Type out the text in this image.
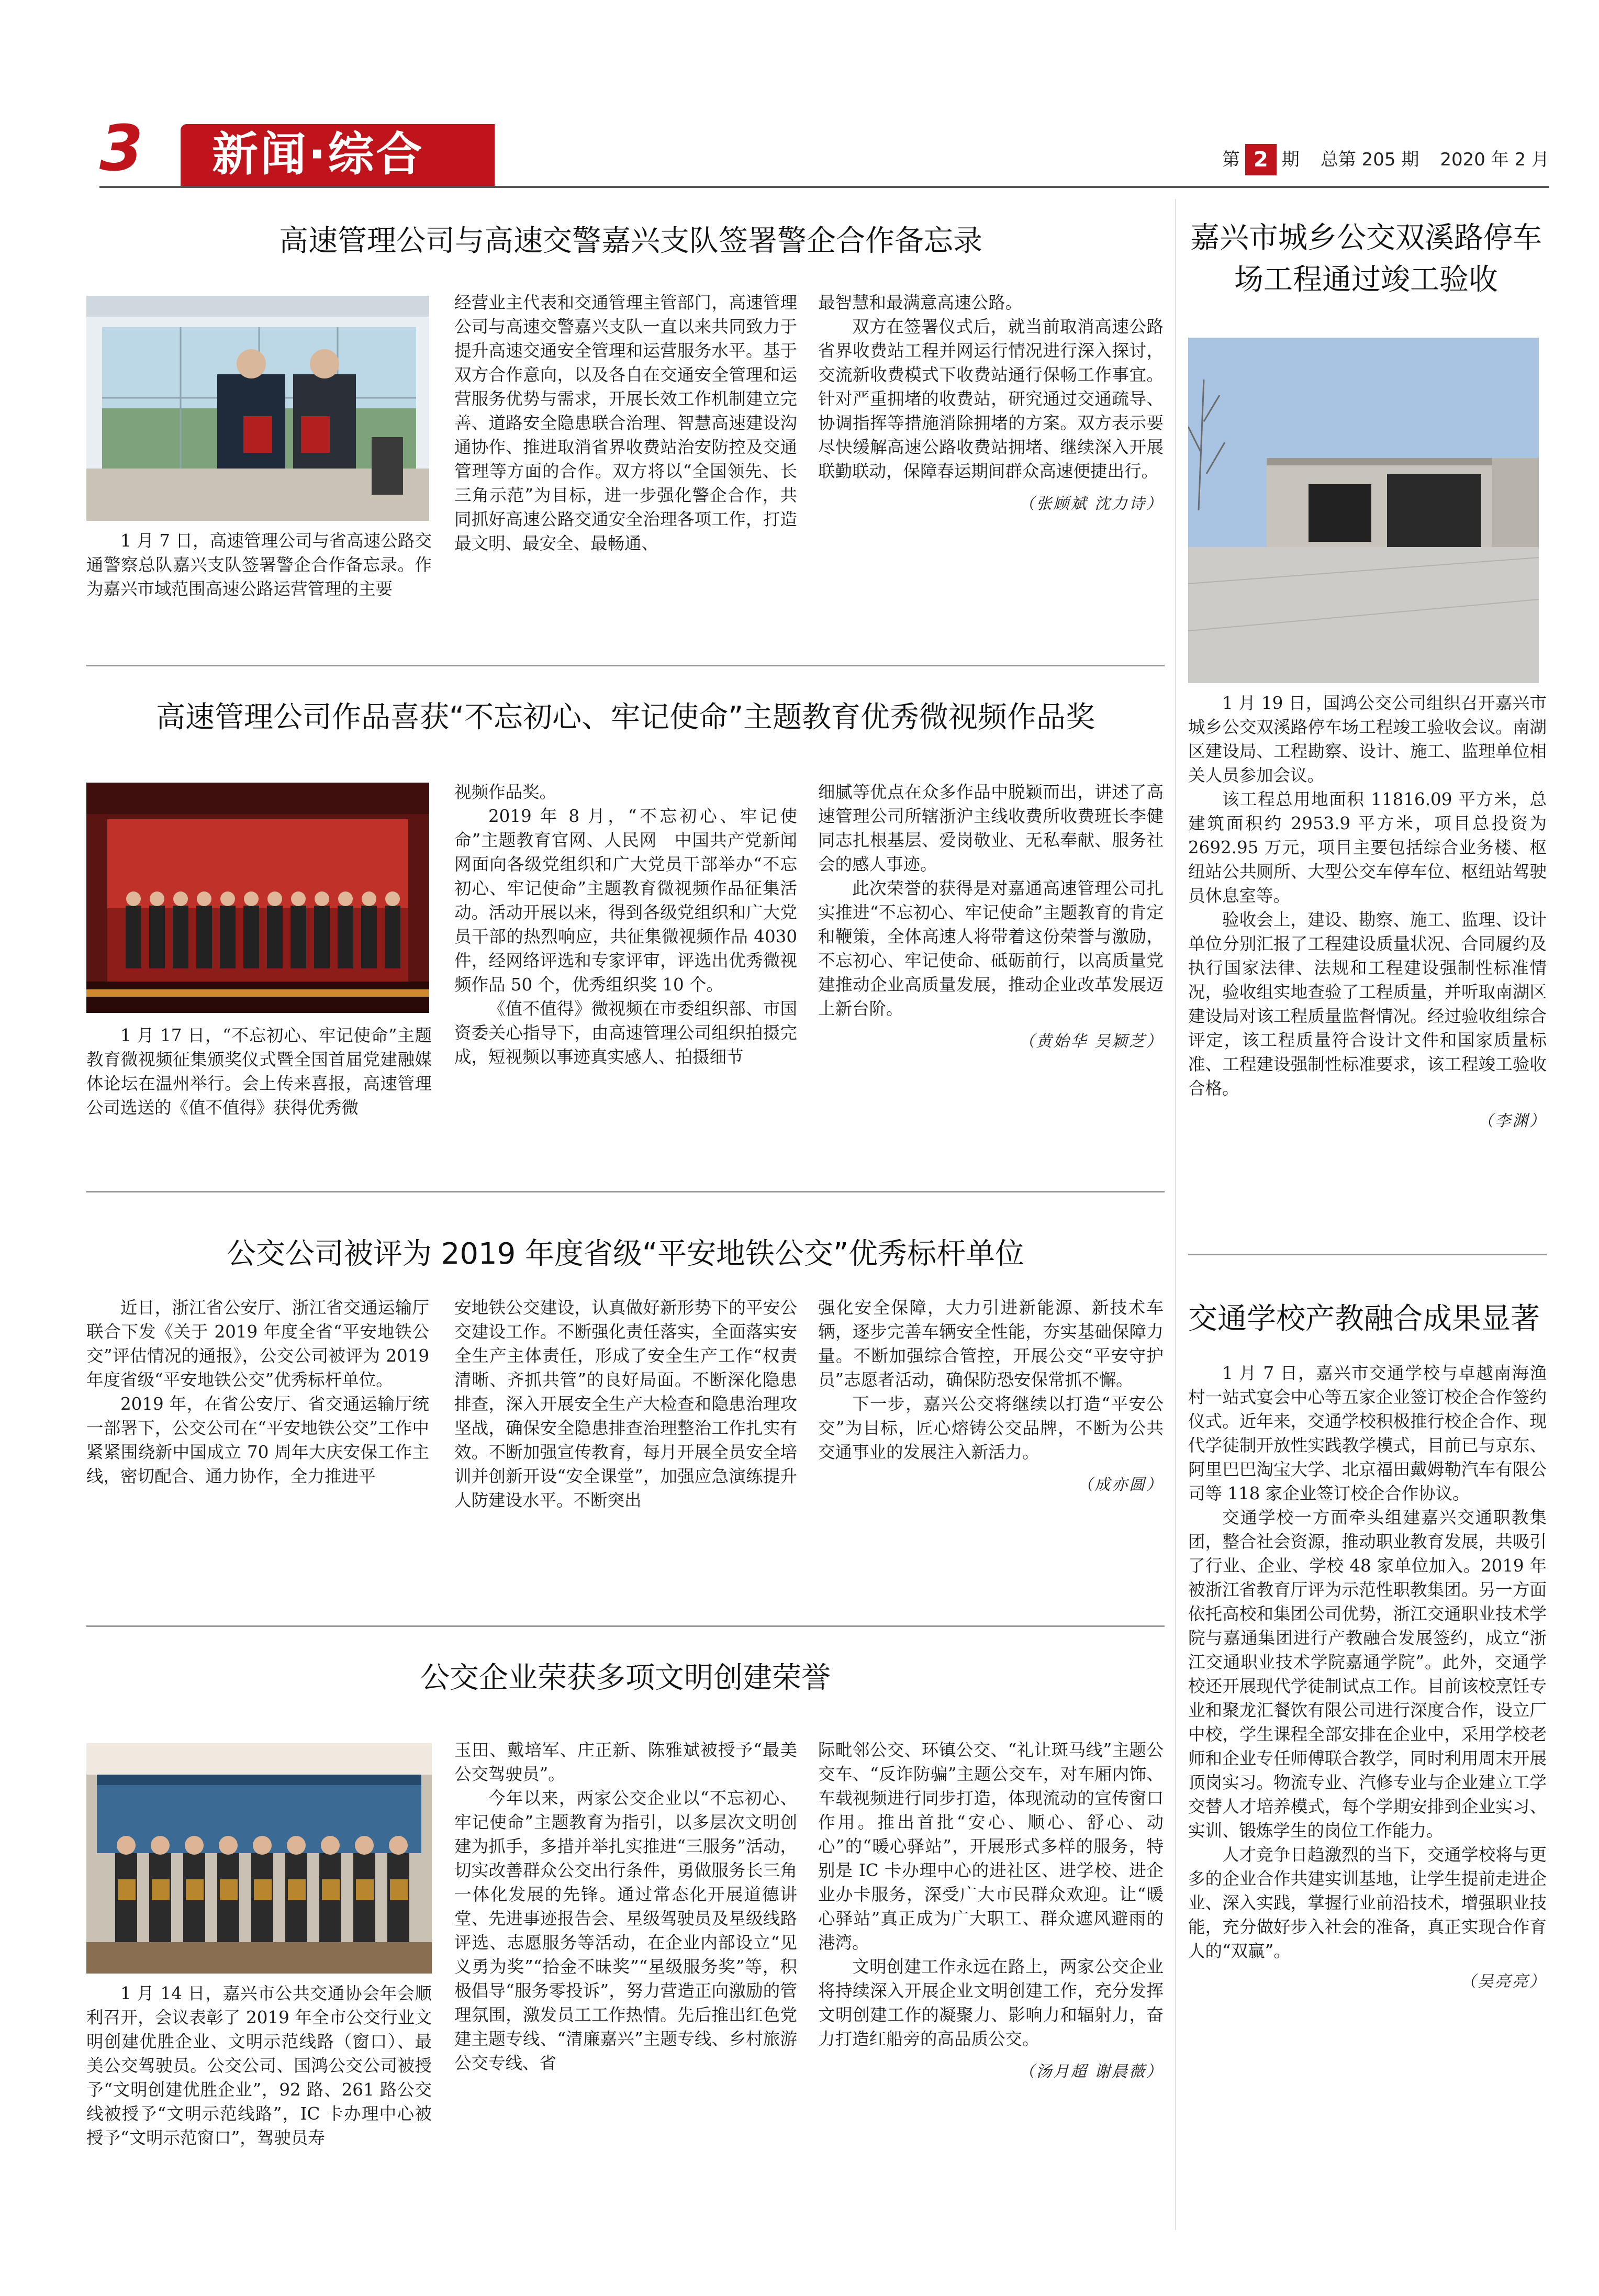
3	新闻·综合	第 2 期 总第 205 期 2020 年 2 月
高速管理公司与高速交警嘉兴支队签署警企合作备忘录

1 月 7 日，高速管理公司与省高速公路交通警察总队嘉兴支队签署警企合作备忘录。作为嘉兴市域范围高速公路运营管理的主要

经营业主代表和交通管理主管部门，高速管理公司与高速交警嘉兴支队一直以来共同致力于提升高速交通安全管理和运营服务水平。基于双方合作意向，以及各自在交通安全管理和运营服务优势与需求，开展长效工作机制建立完善、道路安全隐患联合治理、智慧高速建设沟通协作、推进取消省界收费站治安防控及交通管理等方面的合作。双方将以“全国领先、长三角示范”为目标，进一步强化警企合作，共同抓好高速公路交通安全治理各项工作，打造最文明、最安全、最畅通、

最智慧和最满意高速公路。

双方在签署仪式后，就当前取消高速公路省界收费站工程并网运行情况进行深入探讨，交流新收费模式下收费站通行保畅工作事宜。针对严重拥堵的收费站，研究通过交通疏导、协调指挥等措施消除拥堵的方案。双方表示要尽快缓解高速公路收费站拥堵、继续深入开展联勤联动，保障春运期间群众高速便捷出行。

（张顾斌 沈力诗）
高速管理公司作品喜获“不忘初心、牢记使命”主题教育优秀微视频作品奖

1 月 17 日，“不忘初心、牢记使命”主题教育微视频征集颁奖仪式暨全国首届党建融媒体论坛在温州举行。会上传来喜报，高速管理公司选送的《值不值得》获得优秀微

视频作品奖。

2019 年 8 月，“不忘初心、牢记使命”主题教育官网、人民网　中国共产党新闻网面向各级党组织和广大党员干部举办“不忘初心、牢记使命”主题教育微视频作品征集活动。活动开展以来，得到各级党组织和广大党员干部的热烈响应，共征集微视频作品 4030 件，经网络评选和专家评审，评选出优秀微视频作品 50 个，优秀组织奖 10 个。

《值不值得》微视频在市委组织部、市国资委关心指导下，由高速管理公司组织拍摄完成，短视频以事迹真实感人、拍摄细节

细腻等优点在众多作品中脱颖而出，讲述了高速管理公司所辖浙沪主线收费所收费班长李健同志扎根基层、爱岗敬业、无私奉献、服务社会的感人事迹。

此次荣誉的获得是对嘉通高速管理公司扎实推进“不忘初心、牢记使命”主题教育的肯定和鞭策，全体高速人将带着这份荣誉与激励，不忘初心、牢记使命、砥砺前行，以高质量党建推动企业高质量发展，推动企业改革发展迈上新台阶。

（黄始华 吴颖芝）
公交公司被评为 2019 年度省级“平安地铁公交”优秀标杆单位

近日，浙江省公安厅、浙江省交通运输厅联合下发《关于 2019 年度全省“平安地铁公交”评估情况的通报》，公交公司被评为 2019 年度省级“平安地铁公交”优秀标杆单位。

2019 年，在省公安厅、省交通运输厅统一部署下，公交公司在“平安地铁公交”工作中紧紧围绕新中国成立 70 周年大庆安保工作主线，密切配合、通力协作，全力推进平

安地铁公交建设，认真做好新形势下的平安公交建设工作。不断强化责任落实，全面落实安全生产主体责任，形成了安全生产工作“权责清晰、齐抓共管”的良好局面。不断深化隐患排查，深入开展安全生产大检查和隐患治理攻坚战，确保安全隐患排查治理整治工作扎实有效。不断加强宣传教育，每月开展全员安全培训并创新开设“安全课堂”，加强应急演练提升人防建设水平。不断突出

强化安全保障，大力引进新能源、新技术车辆，逐步完善车辆安全性能，夯实基础保障力量。不断加强综合管控，开展公交“平安守护员”志愿者活动，确保防恐安保常抓不懈。

下一步，嘉兴公交将继续以打造“平安公交”为目标，匠心熔铸公交品牌，不断为公共交通事业的发展注入新活力。

（成亦圆）
公交企业荣获多项文明创建荣誉

1 月 14 日，嘉兴市公共交通协会年会顺利召开，会议表彰了 2019 年全市公交行业文明创建优胜企业、文明示范线路（窗口）、最美公交驾驶员。公交公司、国鸿公交公司被授予“文明创建优胜企业”，92 路、261 路公交线被授予“文明示范线路”，IC 卡办理中心被授予“文明示范窗口”，驾驶员寿

玉田、戴培军、庄正新、陈雅斌被授予“最美公交驾驶员”。

今年以来，两家公交企业以“不忘初心、牢记使命”主题教育为指引，以多层次文明创建为抓手，多措并举扎实推进“三服务”活动，切实改善群众公交出行条件，勇做服务长三角一体化发展的先锋。通过常态化开展道德讲堂、先进事迹报告会、星级驾驶员及星级线路评选、志愿服务等活动，在企业内部设立“见义勇为奖”“拾金不昧奖”“星级服务奖”等，积极倡导“服务零投诉”，努力营造正向激励的管理氛围，激发员工工作热情。先后推出红色党建主题专线、“清廉嘉兴”主题专线、乡村旅游公交专线、省

际毗邻公交、环镇公交、“礼让斑马线”主题公交车、“反诈防骗”主题公交车，对车厢内饰、车载视频进行同步打造，体现流动的宣传窗口作用。推出首批“安心、顺心、舒心、动心”的“暖心驿站”，开展形式多样的服务，特别是 IC 卡办理中心的进社区、进学校、进企业办卡服务，深受广大市民群众欢迎。让“暖心驿站”真正成为广大职工、群众遮风避雨的港湾。

文明创建工作永远在路上，两家公交企业将持续深入开展企业文明创建工作，充分发挥文明创建工作的凝聚力、影响力和辐射力，奋力打造红船旁的高品质公交。

（汤月超 谢晨薇）
嘉兴市城乡公交双溪路停车场工程通过竣工验收

1 月 19 日，国鸿公交公司组织召开嘉兴市城乡公交双溪路停车场工程竣工验收会议。南湖区建设局、工程勘察、设计、施工、监理单位相关人员参加会议。

该工程总用地面积 11816.09 平方米，总建筑面积约 2953.9 平方米，项目总投资为 2692.95 万元，项目主要包括综合业务楼、枢纽站公共厕所、大型公交车停车位、枢纽站驾驶员休息室等。

验收会上，建设、勘察、施工、监理、设计单位分别汇报了工程建设质量状况、合同履约及执行国家法律、法规和工程建设强制性标准情况，验收组实地查验了工程质量，并听取南湖区建设局对该工程质量监督情况。经过验收组综合评定，该工程质量符合设计文件和国家质量标准、工程建设强制性标准要求，该工程竣工验收合格。

（李渊）
交通学校产教融合成果显著

1 月 7 日，嘉兴市交通学校与卓越南海渔村一站式宴会中心等五家企业签订校企合作签约仪式。近年来，交通学校积极推行校企合作、现代学徒制开放性实践教学模式，目前已与京东、阿里巴巴淘宝大学、北京福田戴姆勒汽车有限公司等 118 家企业签订校企合作协议。

交通学校一方面牵头组建嘉兴交通职教集团，整合社会资源，推动职业教育发展，共吸引了行业、企业、学校 48 家单位加入。2019 年被浙江省教育厅评为示范性职教集团。另一方面依托高校和集团公司优势，浙江交通职业技术学院与嘉通集团进行产教融合发展签约，成立“浙江交通职业技术学院嘉通学院”。此外，交通学校还开展现代学徒制试点工作。目前该校烹饪专业和聚龙汇餐饮有限公司进行深度合作，设立厂中校，学生课程全部安排在企业中，采用学校老师和企业专任师傅联合教学，同时利用周末开展顶岗实习。物流专业、汽修专业与企业建立工学交替人才培养模式，每个学期安排到企业实习、实训、锻炼学生的岗位工作能力。

人才竞争日趋激烈的当下，交通学校将与更多的企业合作共建实训基地，让学生提前走进企业、深入实践，掌握行业前沿技术，增强职业技能，充分做好步入社会的准备，真正实现合作育人的“双赢”。

（吴亮亮）
